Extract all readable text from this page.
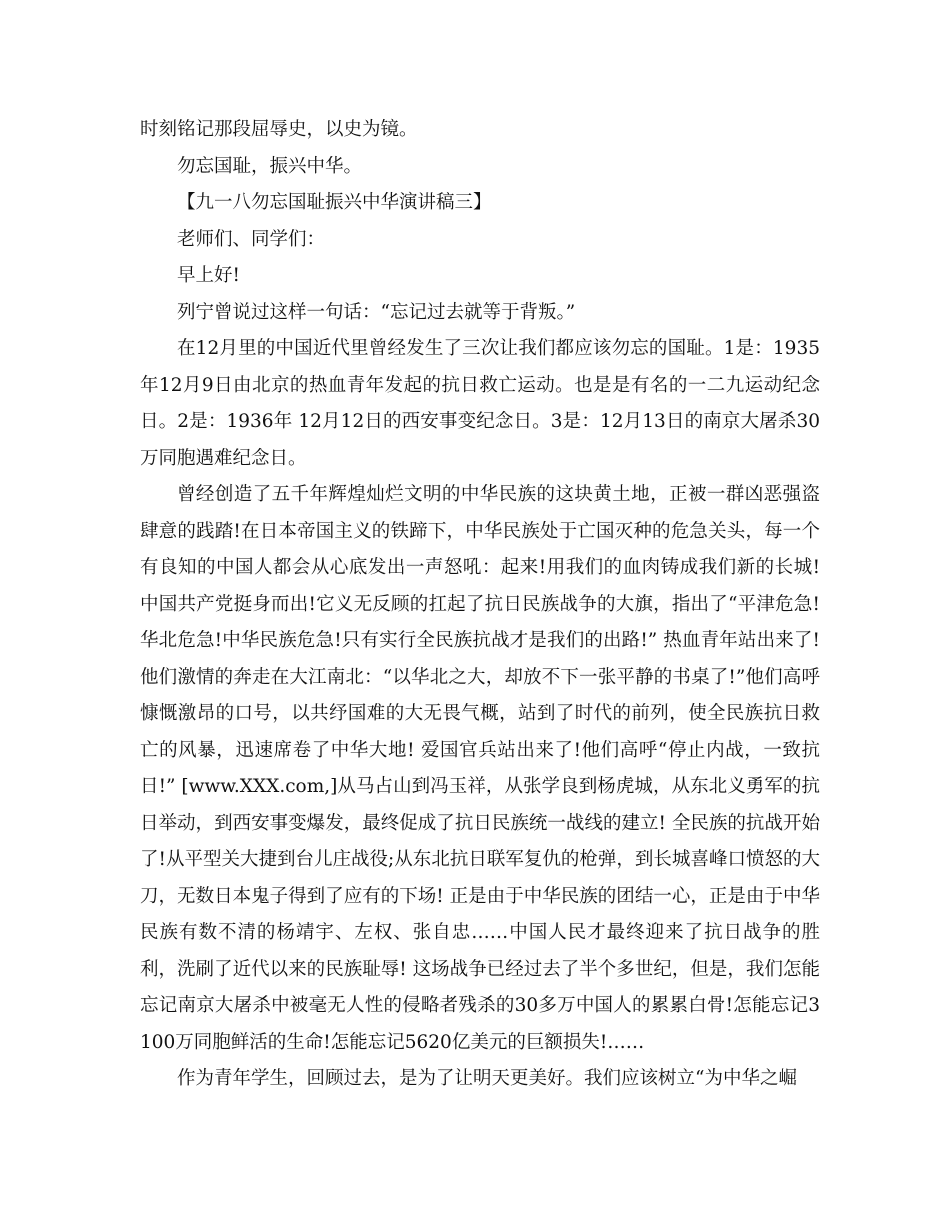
时刻铭记那段屈辱史，以史为镜。

勿忘国耻，振兴中华。

【九一八勿忘国耻振兴中华演讲稿三】

老师们、同学们：

早上好!

列宁曾说过这样一句话：“忘记过去就等于背叛。”

在12月里的中国近代里曾经发生了三次让我们都应该勿忘的国耻。1是：1935年12月9日由北京的热血青年发起的抗日救亡运动。也是是有名的一二九运动纪念日。2是：1936年 12月12日的西安事变纪念日。3是：12月13日的南京大屠杀30万同胞遇难纪念日。

曾经创造了五千年辉煌灿烂文明的中华民族的这块黄土地，正被一群凶恶强盗肆意的践踏!在日本帝国主义的铁蹄下，中华民族处于亡国灭种的危急关头，每一个有良知的中国人都会从心底发出一声怒吼：起来!用我们的血肉铸成我们新的长城!中国共产党挺身而出!它义无反顾的扛起了抗日民族战争的大旗，指出了“平津危急!华北危急!中华民族危急!只有实行全民族抗战才是我们的出路!” 热血青年站出来了!他们激情的奔走在大江南北：“以华北之大，却放不下一张平静的书桌了!”他们高呼慷慨激昂的口号，以共纾国难的大无畏气概，站到了时代的前列，使全民族抗日救亡的风暴，迅速席卷了中华大地! 爱国官兵站出来了!他们高呼“停止内战，一致抗日!” [www.XXX.com,]从马占山到冯玉祥，从张学良到杨虎城，从东北义勇军的抗日举动，到西安事变爆发，最终促成了抗日民族统一战线的建立! 全民族的抗战开始了!从平型关大捷到台儿庄战役;从东北抗日联军复仇的枪弹，到长城喜峰口愤怒的大刀，无数日本鬼子得到了应有的下场! 正是由于中华民族的团结一心，正是由于中华民族有数不清的杨靖宇、左权、张自忠……中国人民才最终迎来了抗日战争的胜利，洗刷了近代以来的民族耻辱! 这场战争已经过去了半个多世纪，但是，我们怎能忘记南京大屠杀中被毫无人性的侵略者残杀的30多万中国人的累累白骨!怎能忘记3100万同胞鲜活的生命!怎能忘记5620亿美元的巨额损失!……

作为青年学生，回顾过去，是为了让明天更美好。我们应该树立“为中华之崛
